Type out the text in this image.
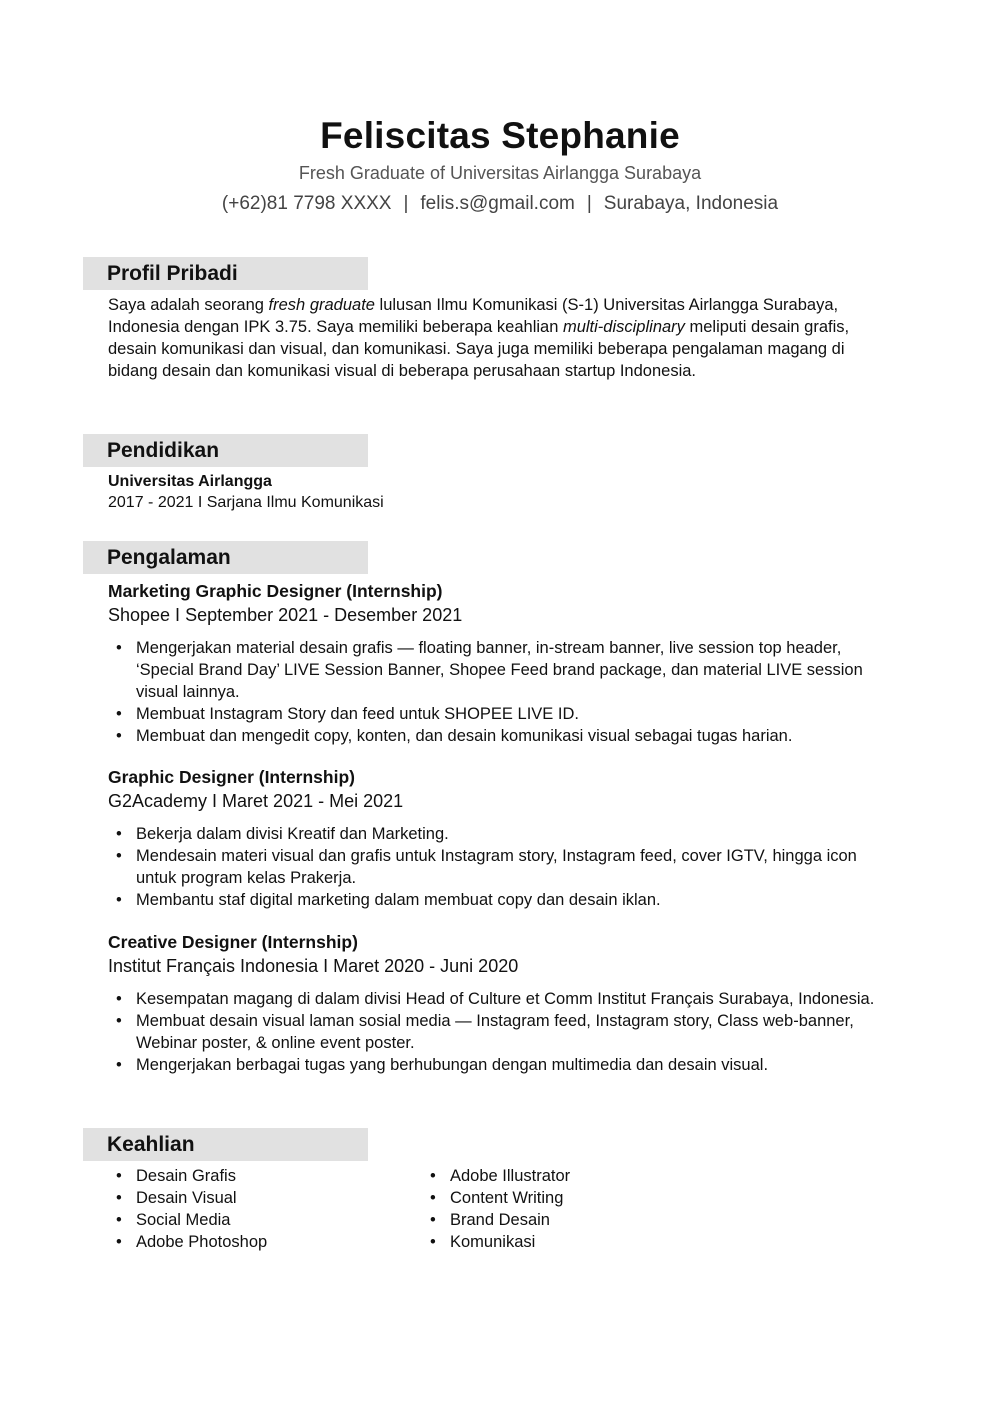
Feliscitas Stephanie
Fresh Graduate of Universitas Airlangga Surabaya
(+62)81 7798 XXXX | felis.s@gmail.com | Surabaya, Indonesia
Profil Pribadi

Saya adalah seorang fresh graduate lulusan Ilmu Komunikasi (S-1) Universitas Airlangga Surabaya, Indonesia dengan IPK 3.75. Saya memiliki beberapa keahlian multi-disciplinary meliputi desain grafis, desain komunikasi dan visual, dan komunikasi. Saya juga memiliki beberapa pengalaman magang di bidang desain dan komunikasi visual di beberapa perusahaan startup Indonesia.

Pendidikan
Universitas Airlangga
2017 - 2021 I Sarjana Ilmu Komunikasi
Pengalaman
Marketing Graphic Designer (Internship)
Shopee I September 2021 - Desember 2021
• Mengerjakan material desain grafis — floating banner, in-stream banner, live session top header, ‘Special Brand Day’ LIVE Session Banner, Shopee Feed brand package, dan material LIVE session visual lainnya.
• Membuat Instagram Story dan feed untuk SHOPEE LIVE ID.
• Membuat dan mengedit copy, konten, dan desain komunikasi visual sebagai tugas harian.
Graphic Designer (Internship)
G2Academy I Maret 2021 - Mei 2021
• Bekerja dalam divisi Kreatif dan Marketing.
• Mendesain materi visual dan grafis untuk Instagram story, Instagram feed, cover IGTV, hingga icon untuk program kelas Prakerja.
• Membantu staf digital marketing dalam membuat copy dan desain iklan.
Creative Designer (Internship)
Institut Français Indonesia I Maret 2020 - Juni 2020
• Kesempatan magang di dalam divisi Head of Culture et Comm Institut Français Surabaya, Indonesia.
• Membuat desain visual laman sosial media — Instagram feed, Instagram story, Class web-banner, Webinar poster, & online event poster.
• Mengerjakan berbagai tugas yang berhubungan dengan multimedia dan desain visual.
Keahlian
• Desain Grafis
• Desain Visual
• Social Media
• Adobe Photoshop
• Adobe Illustrator
• Content Writing
• Brand Desain
• Komunikasi
